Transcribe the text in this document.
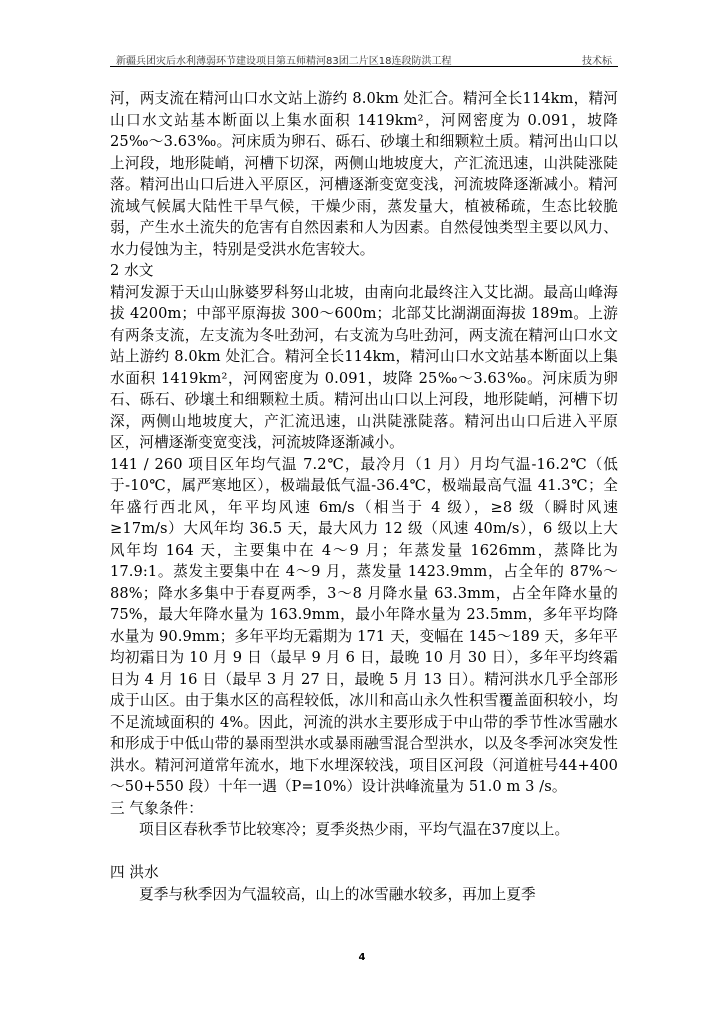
新疆兵团灾后水利薄弱环节建设项目第五师精河83团二片区18连段防洪工程	技术标

河，两支流在精河山口水文站上游约 8.0km 处汇合。精河全长114km，精河山口水文站基本断面以上集水面积 1419km²，河网密度为 0.091，坡降 25‰～3.63‰。河床质为卵石、砾石、砂壤土和细颗粒土质。精河出山口以上河段，地形陡峭，河槽下切深，两侧山地坡度大，产汇流迅速，山洪陡涨陡落。精河出山口后进入平原区，河槽逐渐变宽变浅，河流坡降逐渐减小。精河流域气候属大陆性干旱气候，干燥少雨，蒸发量大，植被稀疏，生态比较脆弱，产生水土流失的危害有自然因素和人为因素。自然侵蚀类型主要以风力、水力侵蚀为主，特别是受洪水危害较大。

2 水文

精河发源于天山山脉婆罗科努山北坡，由南向北最终注入艾比湖。最高山峰海拔 4200m；中部平原海拔 300～600m；北部艾比湖湖面海拔 189m。上游有两条支流，左支流为冬吐劲河，右支流为乌吐劲河，两支流在精河山口水文站上游约 8.0km 处汇合。精河全长114km，精河山口水文站基本断面以上集水面积 1419km²，河网密度为 0.091，坡降 25‰～3.63‰。河床质为卵石、砾石、砂壤土和细颗粒土质。精河出山口以上河段，地形陡峭，河槽下切深，两侧山地坡度大，产汇流迅速，山洪陡涨陡落。精河出山口后进入平原区，河槽逐渐变宽变浅，河流坡降逐渐减小。

141 / 260 项目区年均气温 7.2℃，最冷月（1 月）月均气温-16.2℃（低于-10℃，属严寒地区），极端最低气温-36.4℃，极端最高气温 41.3℃；全年盛行西北风，年平均风速 6m/s（相当于 4 级），≥8 级（瞬时风速≥17m/s）大风年均 36.5 天，最大风力 12 级（风速 40m/s），6 级以上大风年均 164 天，主要集中在 4～9 月；年蒸发量 1626mm，蒸降比为 17.9:1。蒸发主要集中在 4～9 月，蒸发量 1423.9mm，占全年的 87%～88%；降水多集中于春夏两季，3～8 月降水量 63.3mm，占全年降水量的 75%，最大年降水量为 163.9mm，最小年降水量为 23.5mm，多年平均降水量为 90.9mm；多年平均无霜期为 171 天，变幅在 145～189 天，多年平均初霜日为 10 月 9 日（最早 9 月 6 日，最晚 10 月 30 日），多年平均终霜日为 4 月 16 日（最早 3 月 27 日，最晚 5 月 13 日）。精河洪水几乎全部形成于山区。由于集水区的高程较低，冰川和高山永久性积雪覆盖面积较小，均不足流域面积的 4%。因此，河流的洪水主要形成于中山带的季节性冰雪融水和形成于中低山带的暴雨型洪水或暴雨融雪混合型洪水，以及冬季河冰突发性洪水。精河河道常年流水，地下水埋深较浅，项目区河段（河道桩号44+400～50+550 段）十年一遇（P=10%）设计洪峰流量为 51.0 m 3 /s。

三 气象条件：

项目区春秋季节比较寒冷；夏季炎热少雨，平均气温在37度以上。

四 洪水

夏季与秋季因为气温较高，山上的冰雪融水较多，再加上夏季

4
